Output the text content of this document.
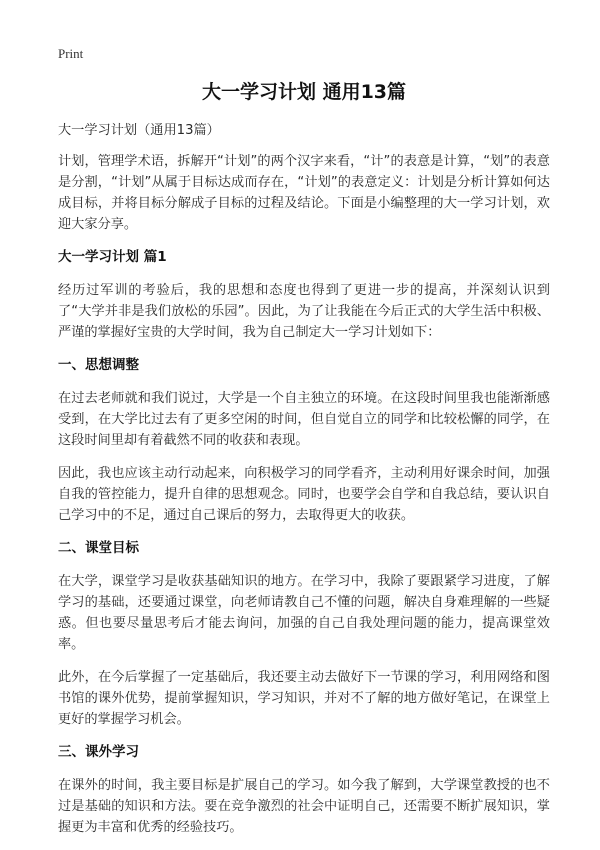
Print
大一学习计划 通用13篇

大一学习计划（通用13篇）

计划，管理学术语，拆解开“计划”的两个汉字来看，“计”的表意是计算，“划”的表意是分割，“计划”从属于目标达成而存在，“计划”的表意定义：计划是分析计算如何达成目标，并将目标分解成子目标的过程及结论。下面是小编整理的大一学习计划，欢迎大家分享。

大一学习计划 篇1

经历过军训的考验后，我的思想和态度也得到了更进一步的提高，并深刻认识到了“大学并非是我们放松的乐园”。因此，为了让我能在今后正式的大学生活中积极、严谨的掌握好宝贵的大学时间，我为自己制定大一学习计划如下：

一、思想调整

在过去老师就和我们说过，大学是一个自主独立的环境。在这段时间里我也能渐渐感受到，在大学比过去有了更多空闲的时间，但自觉自立的同学和比较松懈的同学，在这段时间里却有着截然不同的收获和表现。

因此，我也应该主动行动起来，向积极学习的同学看齐，主动利用好课余时间，加强自我的管控能力，提升自律的思想观念。同时，也要学会自学和自我总结，要认识自己学习中的不足，通过自己课后的努力，去取得更大的收获。

二、课堂目标

在大学，课堂学习是收获基础知识的地方。在学习中，我除了要跟紧学习进度，了解学习的基础，还要通过课堂，向老师请教自己不懂的问题，解决自身难理解的一些疑惑。但也要尽量思考后才能去询问，加强的自己自我处理问题的能力，提高课堂效率。

此外，在今后掌握了一定基础后，我还要主动去做好下一节课的学习，利用网络和图书馆的课外优势，提前掌握知识，学习知识，并对不了解的地方做好笔记，在课堂上更好的掌握学习机会。

三、课外学习

在课外的时间，我主要目标是扩展自己的学习。如今我了解到，大学课堂教授的也不过是基础的知识和方法。要在竞争激烈的社会中证明自己，还需要不断扩展知识，掌握更为丰富和优秀的经验技巧。
